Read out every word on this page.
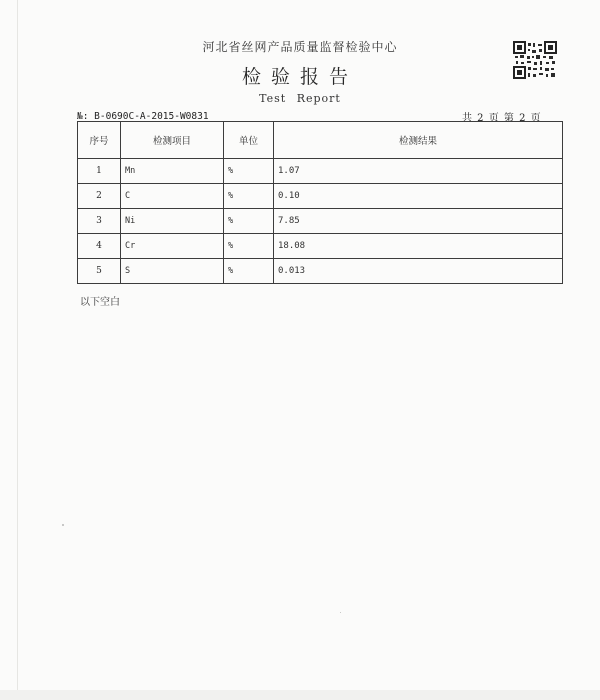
河北省丝网产品质量监督检验中心
检验报告
Test Report
№: B-0690C-A-2015-W0831	共 2 页 第 2 页
序号	检测项目	单位	检测结果
1	Mn	%	1.07
2	C	%	0.10
3	Ni	%	7.85
4	Cr	%	18.08
5	S	%	0.013
以下空白
